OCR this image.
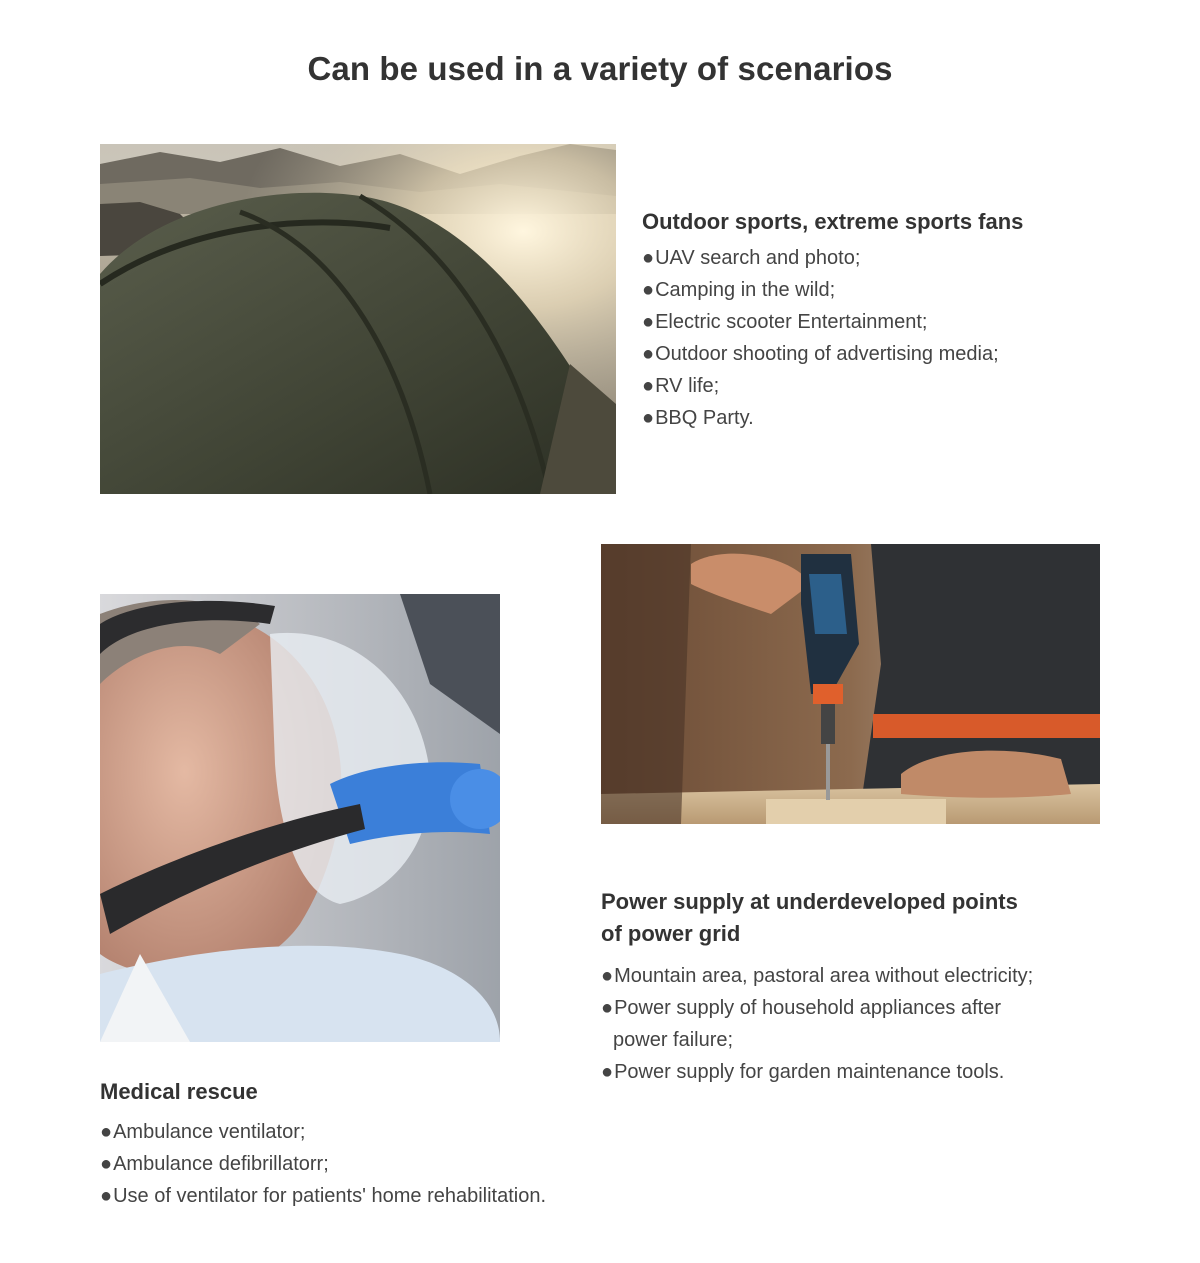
Can be used in a variety of scenarios
Outdoor sports, extreme sports fans
●UAV search and photo;
●Camping in the wild;
●Electric scooter Entertainment;
●Outdoor shooting of advertising media;
●RV life;
●BBQ Party.
Medical rescue
●Ambulance ventilator;
●Ambulance defibrillatorr;
●Use of ventilator for patients' home rehabilitation.
Power supply at underdeveloped points
of power grid
●Mountain area, pastoral area without electricity;
●Power supply of household appliances after
power failure;
●Power supply for garden maintenance tools.
